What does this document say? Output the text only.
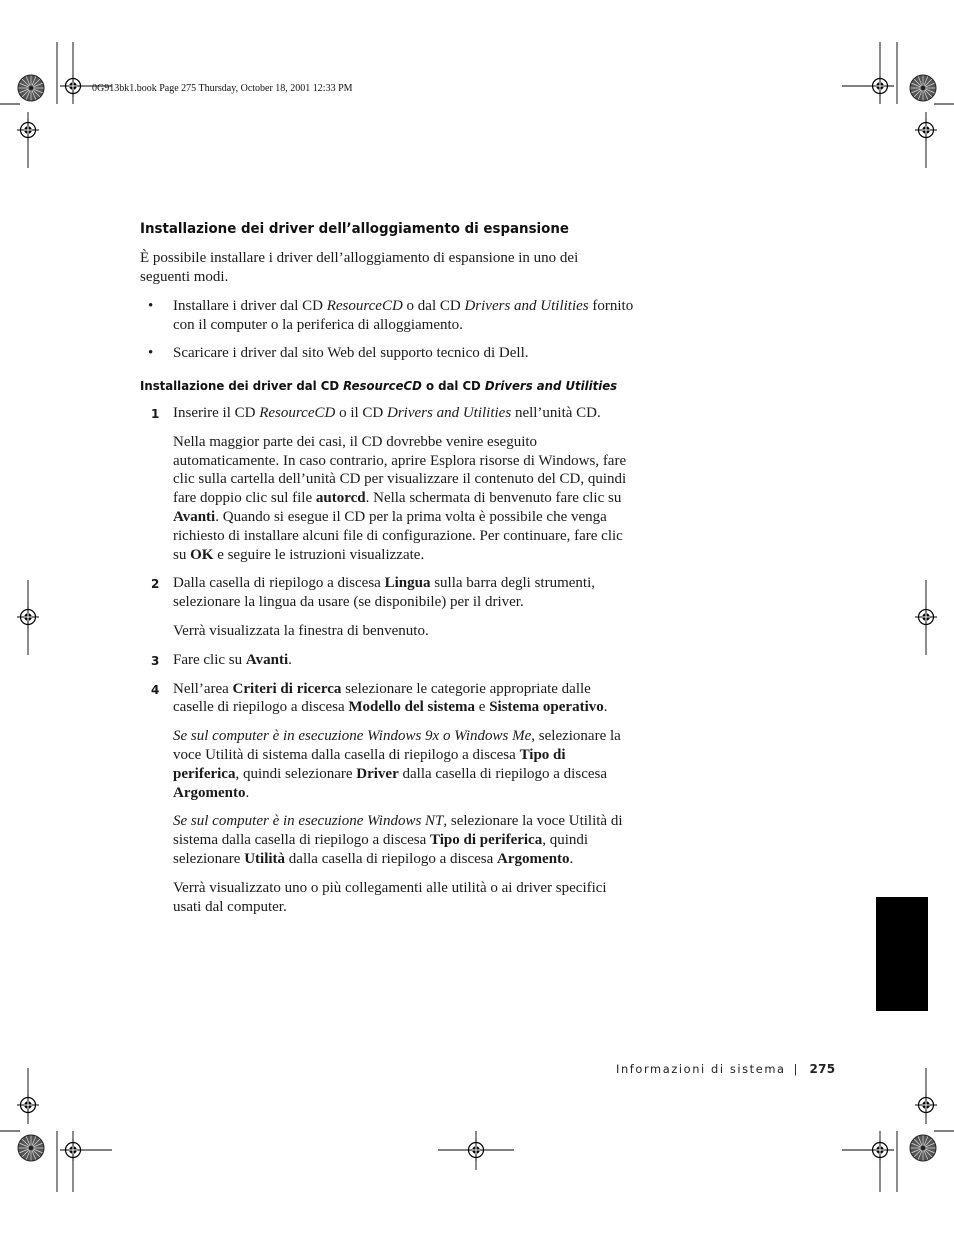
0G913bk1.book Page 275 Thursday, October 18, 2001 12:33 PM
Installazione dei driver dell’alloggiamento di espansione

È possibile installare i driver dell’alloggiamento di espansione in uno dei seguenti modi.

• Installare i driver dal CD ResourceCD o dal CD Drivers and Utilities fornito con il computer o la periferica di alloggiamento.
• Scaricare i driver dal sito Web del supporto tecnico di Dell.
Installazione dei driver dal CD ResourceCD o dal CD Drivers and Utilities
1 Inserire il CD ResourceCD o il CD Drivers and Utilities nell’unità CD.

Nella maggior parte dei casi, il CD dovrebbe venire eseguito automaticamente. In caso contrario, aprire Esplora risorse di Windows, fare clic sulla cartella dell’unità CD per visualizzare il contenuto del CD, quindi fare doppio clic sul file autorcd. Nella schermata di benvenuto fare clic su Avanti. Quando si esegue il CD per la prima volta è possibile che venga richiesto di installare alcuni file di configurazione. Per continuare, fare clic su OK e seguire le istruzioni visualizzate.

2 Dalla casella di riepilogo a discesa Lingua sulla barra degli strumenti, selezionare la lingua da usare (se disponibile) per il driver.

Verrà visualizzata la finestra di benvenuto.

3 Fare clic su Avanti.

4 Nell’area Criteri di ricerca selezionare le categorie appropriate dalle caselle di riepilogo a discesa Modello del sistema e Sistema operativo.

Se sul computer è in esecuzione Windows 9x o Windows Me, selezionare la voce Utilità di sistema dalla casella di riepilogo a discesa Tipo di periferica, quindi selezionare Driver dalla casella di riepilogo a discesa Argomento.

Se sul computer è in esecuzione Windows NT, selezionare la voce Utilità di sistema dalla casella di riepilogo a discesa Tipo di periferica, quindi selezionare Utilità dalla casella di riepilogo a discesa Argomento.

Verrà visualizzato uno o più collegamenti alle utilità o ai driver specifici usati dal computer.

Informazioni di sistema | 275
